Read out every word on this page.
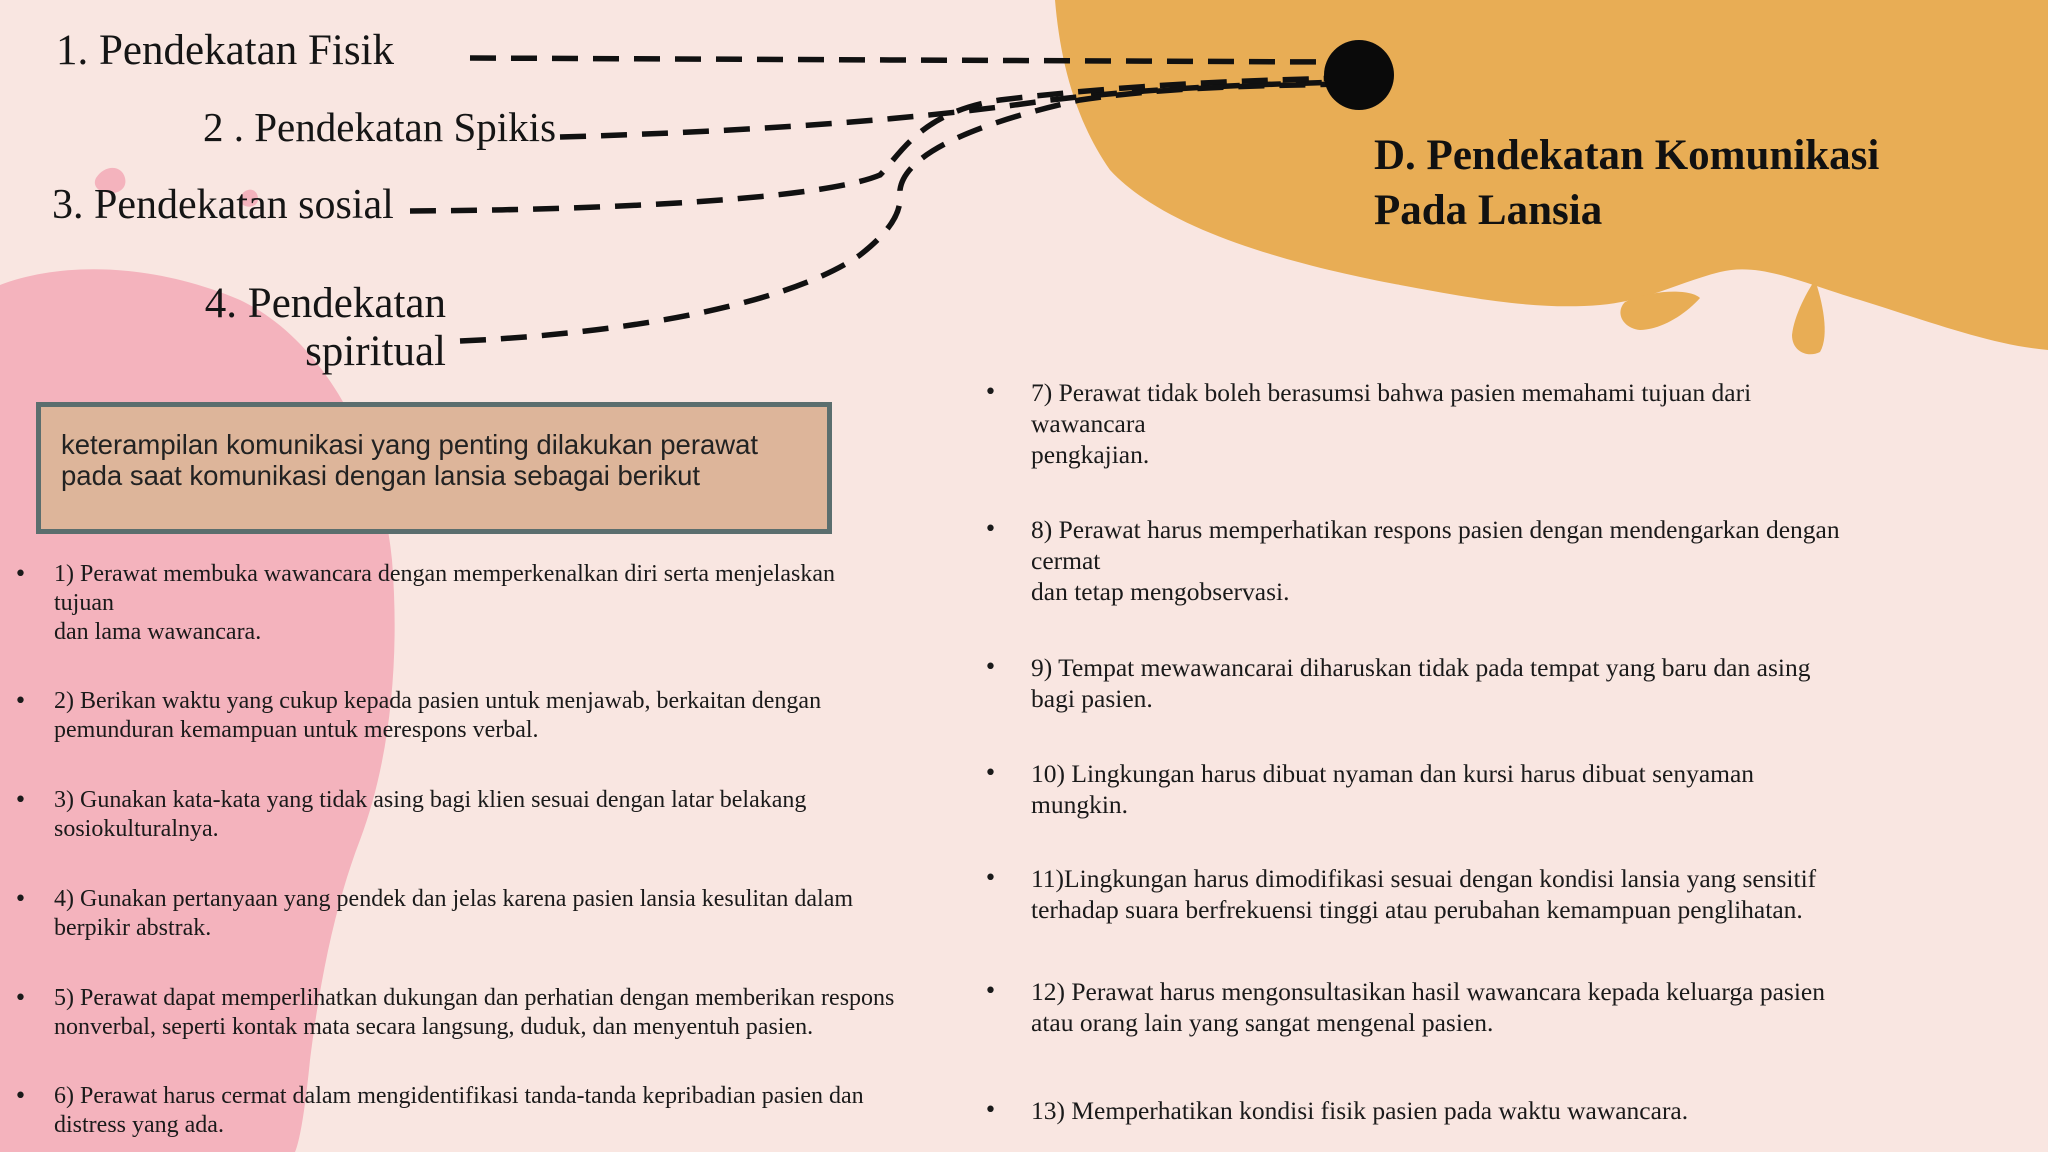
1. Pendekatan Fisik
2 . Pendekatan Spikis
3. Pendekatan sosial
4. Pendekatan
spiritual
D. Pendekatan Komunikasi
Pada Lansia
keterampilan komunikasi yang penting dilakukan perawat
pada saat komunikasi dengan lansia sebagai berikut
• 1) Perawat membuka wawancara dengan memperkenalkan diri serta menjelaskan
tujuan
dan lama wawancara.
• 2) Berikan waktu yang cukup kepada pasien untuk menjawab, berkaitan dengan
pemunduran kemampuan untuk merespons verbal.
• 3) Gunakan kata-kata yang tidak asing bagi klien sesuai dengan latar belakang
sosiokulturalnya.
• 4) Gunakan pertanyaan yang pendek dan jelas karena pasien lansia kesulitan dalam
berpikir abstrak.
• 5) Perawat dapat memperlihatkan dukungan dan perhatian dengan memberikan respons
nonverbal, seperti kontak mata secara langsung, duduk, dan menyentuh pasien.
• 6) Perawat harus cermat dalam mengidentifikasi tanda-tanda kepribadian pasien dan
distress yang ada.
• 7) Perawat tidak boleh berasumsi bahwa pasien memahami tujuan dari
wawancara
pengkajian.
• 8) Perawat harus memperhatikan respons pasien dengan mendengarkan dengan
cermat
dan tetap mengobservasi.
• 9) Tempat mewawancarai diharuskan tidak pada tempat yang baru dan asing
bagi pasien.
• 10) Lingkungan harus dibuat nyaman dan kursi harus dibuat senyaman
mungkin.
• 11)Lingkungan harus dimodifikasi sesuai dengan kondisi lansia yang sensitif
terhadap suara berfrekuensi tinggi atau perubahan kemampuan penglihatan.
• 12) Perawat harus mengonsultasikan hasil wawancara kepada keluarga pasien
atau orang lain yang sangat mengenal pasien.
• 13) Memperhatikan kondisi fisik pasien pada waktu wawancara.
